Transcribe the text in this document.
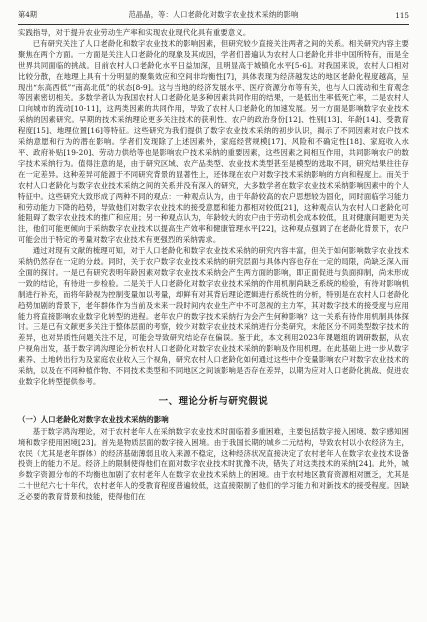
第4期	范晶晶，等：人口老龄化对数字农业技术采纳的影响	115

实践指导，对于提升农业劳动生产率和实现农业现代化具有重要意义。

已有研究关注了人口老龄化和数字农业技术的影响因素，但研究较少直接关注两者之间的关系。相关研究内容主要聚焦在两个方面。一方面是关注人口老龄化的现象及其成因，学者们普遍认为农村人口老龄化并非中国所特有，而是全世界共同面临的挑战。目前农村人口老龄化水平日益加深，且明显高于城镇化水平[5-6]。对我国来说，农村人口相对比较分散，在地理上具有十分明显的聚集效应和空间非均衡性[7]，具体表现为经济越发达的地区老龄化程度越高，呈现出“东高西低”“南高北低”的状态[8-9]。这与当地的经济发展水平、医疗资源分布等有关，也与人口流动和生育观念等因素密切相关。多数学者认为我国农村人口老龄化是多种因素共同作用的结果，一是低出生率低死亡率，二是农村人口向城市的流动[10-11]，这两类因素的共同作用，导致了农村人口老龄化的加速发展。另一方面是影响数字农业技术采纳的因素研究。早期的技术采纳理论更多关注技术的获利性、农户的政治身份[12]、性别[13]、年龄[14]、受教育程度[15]、地理位置[16]等特征。这些研究为我们提供了数字农业技术采纳的初步认识，揭示了不同因素对农户技术采纳意愿和行为的潜在影响。学者们发现除了上述因素外，家庭经营规模[17]、风险和不确定性[18]、家庭收入水平、政府补贴[19-20]、劳动力供给等也是影响农户技术采纳的重要因素，这些因素之间相互作用，共同影响农户的数字技术采纳行为。值得注意的是，由于研究区域、农产品类型、农业技术类型甚至是模型的选取不同，研究结果往往存在一定差异。这种差异可能源于不同研究背景的显著性上，还体现在农户对数字技术采纳影响的方向和程度上。而关于农村人口老龄化与数字农业技术采纳之间的关系并没有深入的研究，大多数学者在数字农业技术采纳影响因素中的个人特征中。这些研究大致形成了两种不同的观点：一种观点认为，由于年龄较高的农户思想较为固化，同时面临学习能力和劳动能力下降的趋势，导致他们对数字农业技术的接受意愿和能力都相对较低[21]，这种观点认为农村人口老龄化可能阻碍了数字农业技术的推广和应用；另一种观点认为，年龄较大的农户由于劳动机会成本较低，且对健康问题更为关注，他们可能更倾向于采纳数字农业技术以提高生产效率和健康管理水平[22]，这种观点强调了在老龄化背景下，农户可能会出于特定的考量对数字农业技术有更强烈的采纳需求。

通过对现有文献的梳理可知，对于人口老龄化和数字农业技术采纳的研究内容丰富，但关于如何影响数字农业技术采纳仍然存在一定的分歧。同时，关于农户数字农业技术采纳的研究层面与具体内容也存在一定的局限，尚缺乏深入而全面的探讨。一是已有研究表明年龄因素对数字农业技术采纳会产生两方面的影响，即正面促进与负面抑制，尚未形成一致的结论，有待进一步检验。二是关于人口老龄化对数字农业技术采纳的作用机制尚缺乏系统的检验，有待对影响机制进行补充，而将年龄视为控制变量加以考量，却鲜有对其背后理论逻辑进行系统性的分析，特别是在农村人口老龄化趋势加剧的背景下，老年群体作为当前及未来一段时间内农业生产中不可忽视的主力军，其对数字技术的接受度与应用能力将直接影响农业数字化转型的进程。老年农户的数字技术采纳行为会产生何种影响？这一关系有待作用机制具体探讨。三是已有文献更多关注于整体层面的考察，较少对数字农业技术采纳进行分类研究，未能区分不同类型数字技术的差异，也对异质性问题关注不足，可能会导致研究结论存在偏误。鉴于此，本文利用2023年课题组的调研数据，从农户视角出发，基于数字鸿沟理论分析农村人口老龄化对数字农业技术采纳的影响及作用机理。在此基础上进一步从数字素养、土地转出行为及家庭农业收入三个视角，研究农村人口老龄化如何通过这些中介变量影响农户对数字农业技术的采纳，以及在不同种植作物、不同技术类型和不同地区之间该影响是否存在差异，以期为应对人口老龄化挑战、促进农业数字化转型提供参考。

一、理论分析与研究假说
（一）人口老龄化对数字农业技术采纳的影响

基于数字鸿沟理论，对于农村老年人在采纳数字农业技术时面临着多重困难，主要包括数字接入困境、数字感知困境和数字使用困境[23]。首先是物质层面的数字接入困境。由于我国长期的城乡二元结构，导致农村以小农经济为主，农民（尤其是老年群体）的经济基础薄弱且收入来源不稳定，这种经济状况直接决定了农村老年人在数字农业技术设备投资上的能力不足。经济上的限制使得他们在面对数字农业技术时犹豫不决，错失了对这类技术的采纳[24]。此外，城乡数字资源分布的不均衡也加剧了农村老年人在数字农业技术采纳上的困境。由于农村地区教育资源相对匮乏，尤其是二十世纪六七十年代，农村老年人的受教育程度普遍较低，这直接限制了他们的学习能力和对新技术的接受程度。因缺乏必要的教育背景和技能，使得他们在
